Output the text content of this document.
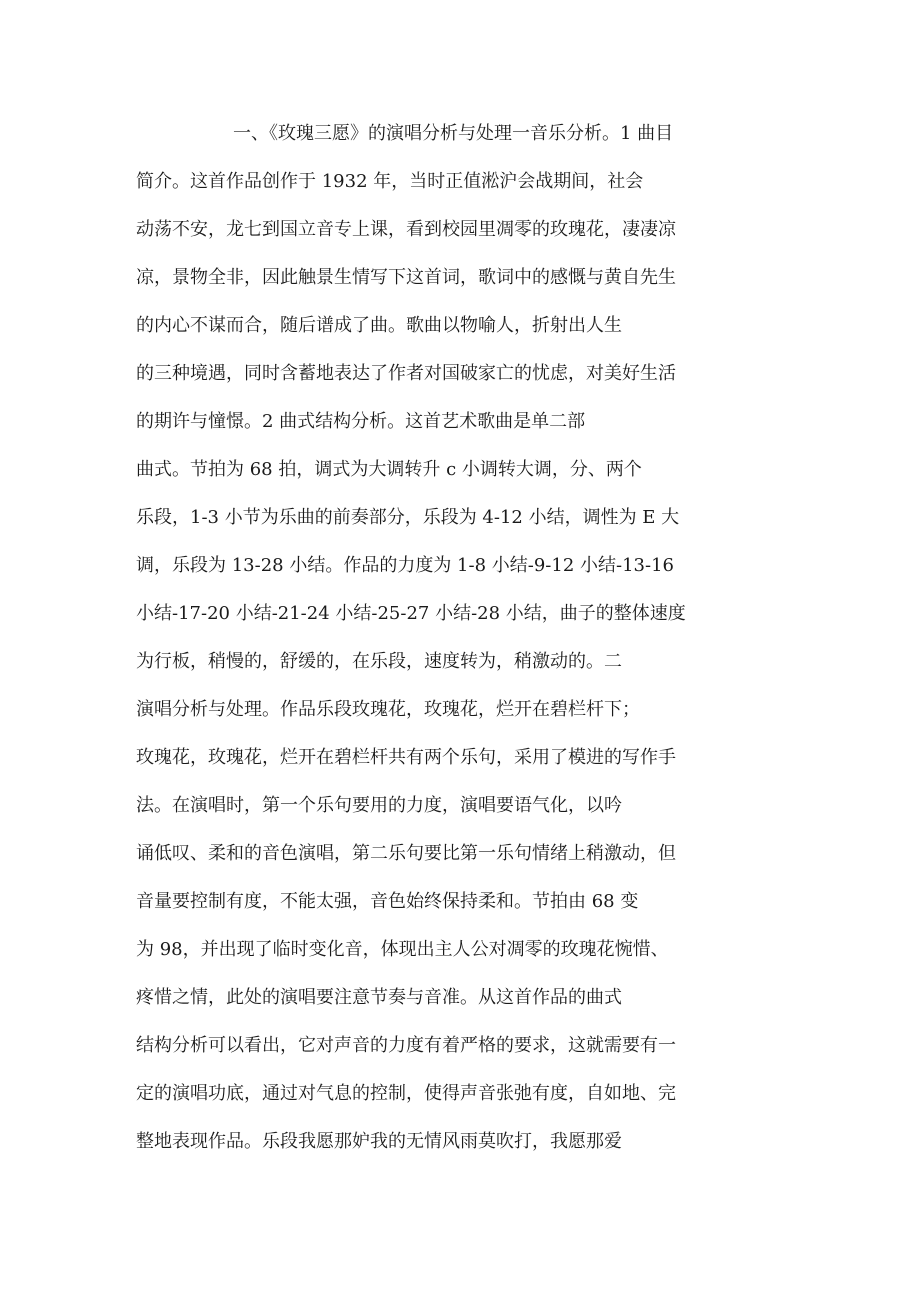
一、《玫瑰三愿》的演唱分析与处理一音乐分析。1 曲目
简介。这首作品创作于 1932 年，当时正值淞沪会战期间，社会
动荡不安，龙七到国立音专上课，看到校园里凋零的玫瑰花，凄凄凉
凉，景物全非，因此触景生情写下这首词，歌词中的感慨与黄自先生
的内心不谋而合，随后谱成了曲。歌曲以物喻人，折射出人生
的三种境遇，同时含蓄地表达了作者对国破家亡的忧虑，对美好生活
的期许与憧憬。2 曲式结构分析。这首艺术歌曲是单二部
曲式。节拍为 68 拍，调式为大调转升 c 小调转大调，分、两个
乐段，1-3 小节为乐曲的前奏部分，乐段为 4-12 小结，调性为 E 大
调，乐段为 13-28 小结。作品的力度为 1-8 小结-9-12 小结-13-16
小结-17-20 小结-21-24 小结-25-27 小结-28 小结，曲子的整体速度
为行板，稍慢的，舒缓的，在乐段，速度转为，稍激动的。二
演唱分析与处理。作品乐段玫瑰花，玫瑰花，烂开在碧栏杆下；
玫瑰花，玫瑰花，烂开在碧栏杆共有两个乐句，采用了模进的写作手
法。在演唱时，第一个乐句要用的力度，演唱要语气化，以吟
诵低叹、柔和的音色演唱，第二乐句要比第一乐句情绪上稍激动，但
音量要控制有度，不能太强，音色始终保持柔和。节拍由 68 变
为 98，并出现了临时变化音，体现出主人公对凋零的玫瑰花惋惜、
疼惜之情，此处的演唱要注意节奏与音准。从这首作品的曲式
结构分析可以看出，它对声音的力度有着严格的要求，这就需要有一
定的演唱功底，通过对气息的控制，使得声音张弛有度，自如地、完
整地表现作品。乐段我愿那妒我的无情风雨莫吹打，我愿那爱
